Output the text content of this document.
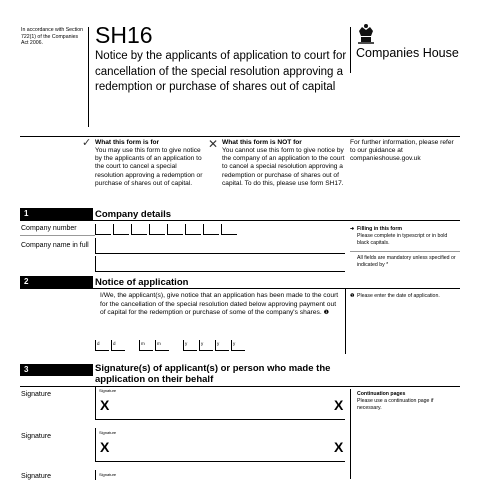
In accordance with Section 722(1) of the Companies Act 2006.	SH16
Notice by the applicants of application to court for cancellation of the special resolution approving a redemption or purchase of shares out of capital
Companies House
✓ What this form is for
You may use this form to give notice by the applicants of an application to the court to cancel a special resolution approving a redemption or purchase of shares out of capital.
✕ What this form is NOT for
You cannot use this form to give notice by the company of an application to the court to cancel a special resolution approving a redemption or purchase of shares out of capital. To do this, please use form SH17.
For further information, please refer to our guidance at companieshouse.gov.uk
1	Company details
Company number
Company name in full
➜ Filling in this form
Please complete in typescript or in bold black capitals.
All fields are mandatory unless specified or indicated by *
2	Notice of application
I/We, the applicant(s), give notice that an application has been made to the court for the cancellation of the special resolution dated below approving payment out of capital for the redemption or purchase of some of the company's shares. ❶
❶ Please enter the date of application.
d	d	m	m	y	y	y	y
3	Signature(s) of applicant(s) or person who made the application on their behalf
Signature
Signature
X	X
Continuation pages
Please use a continuation page if necessary.
Signature
Signature
X	X
Signature	Signature
